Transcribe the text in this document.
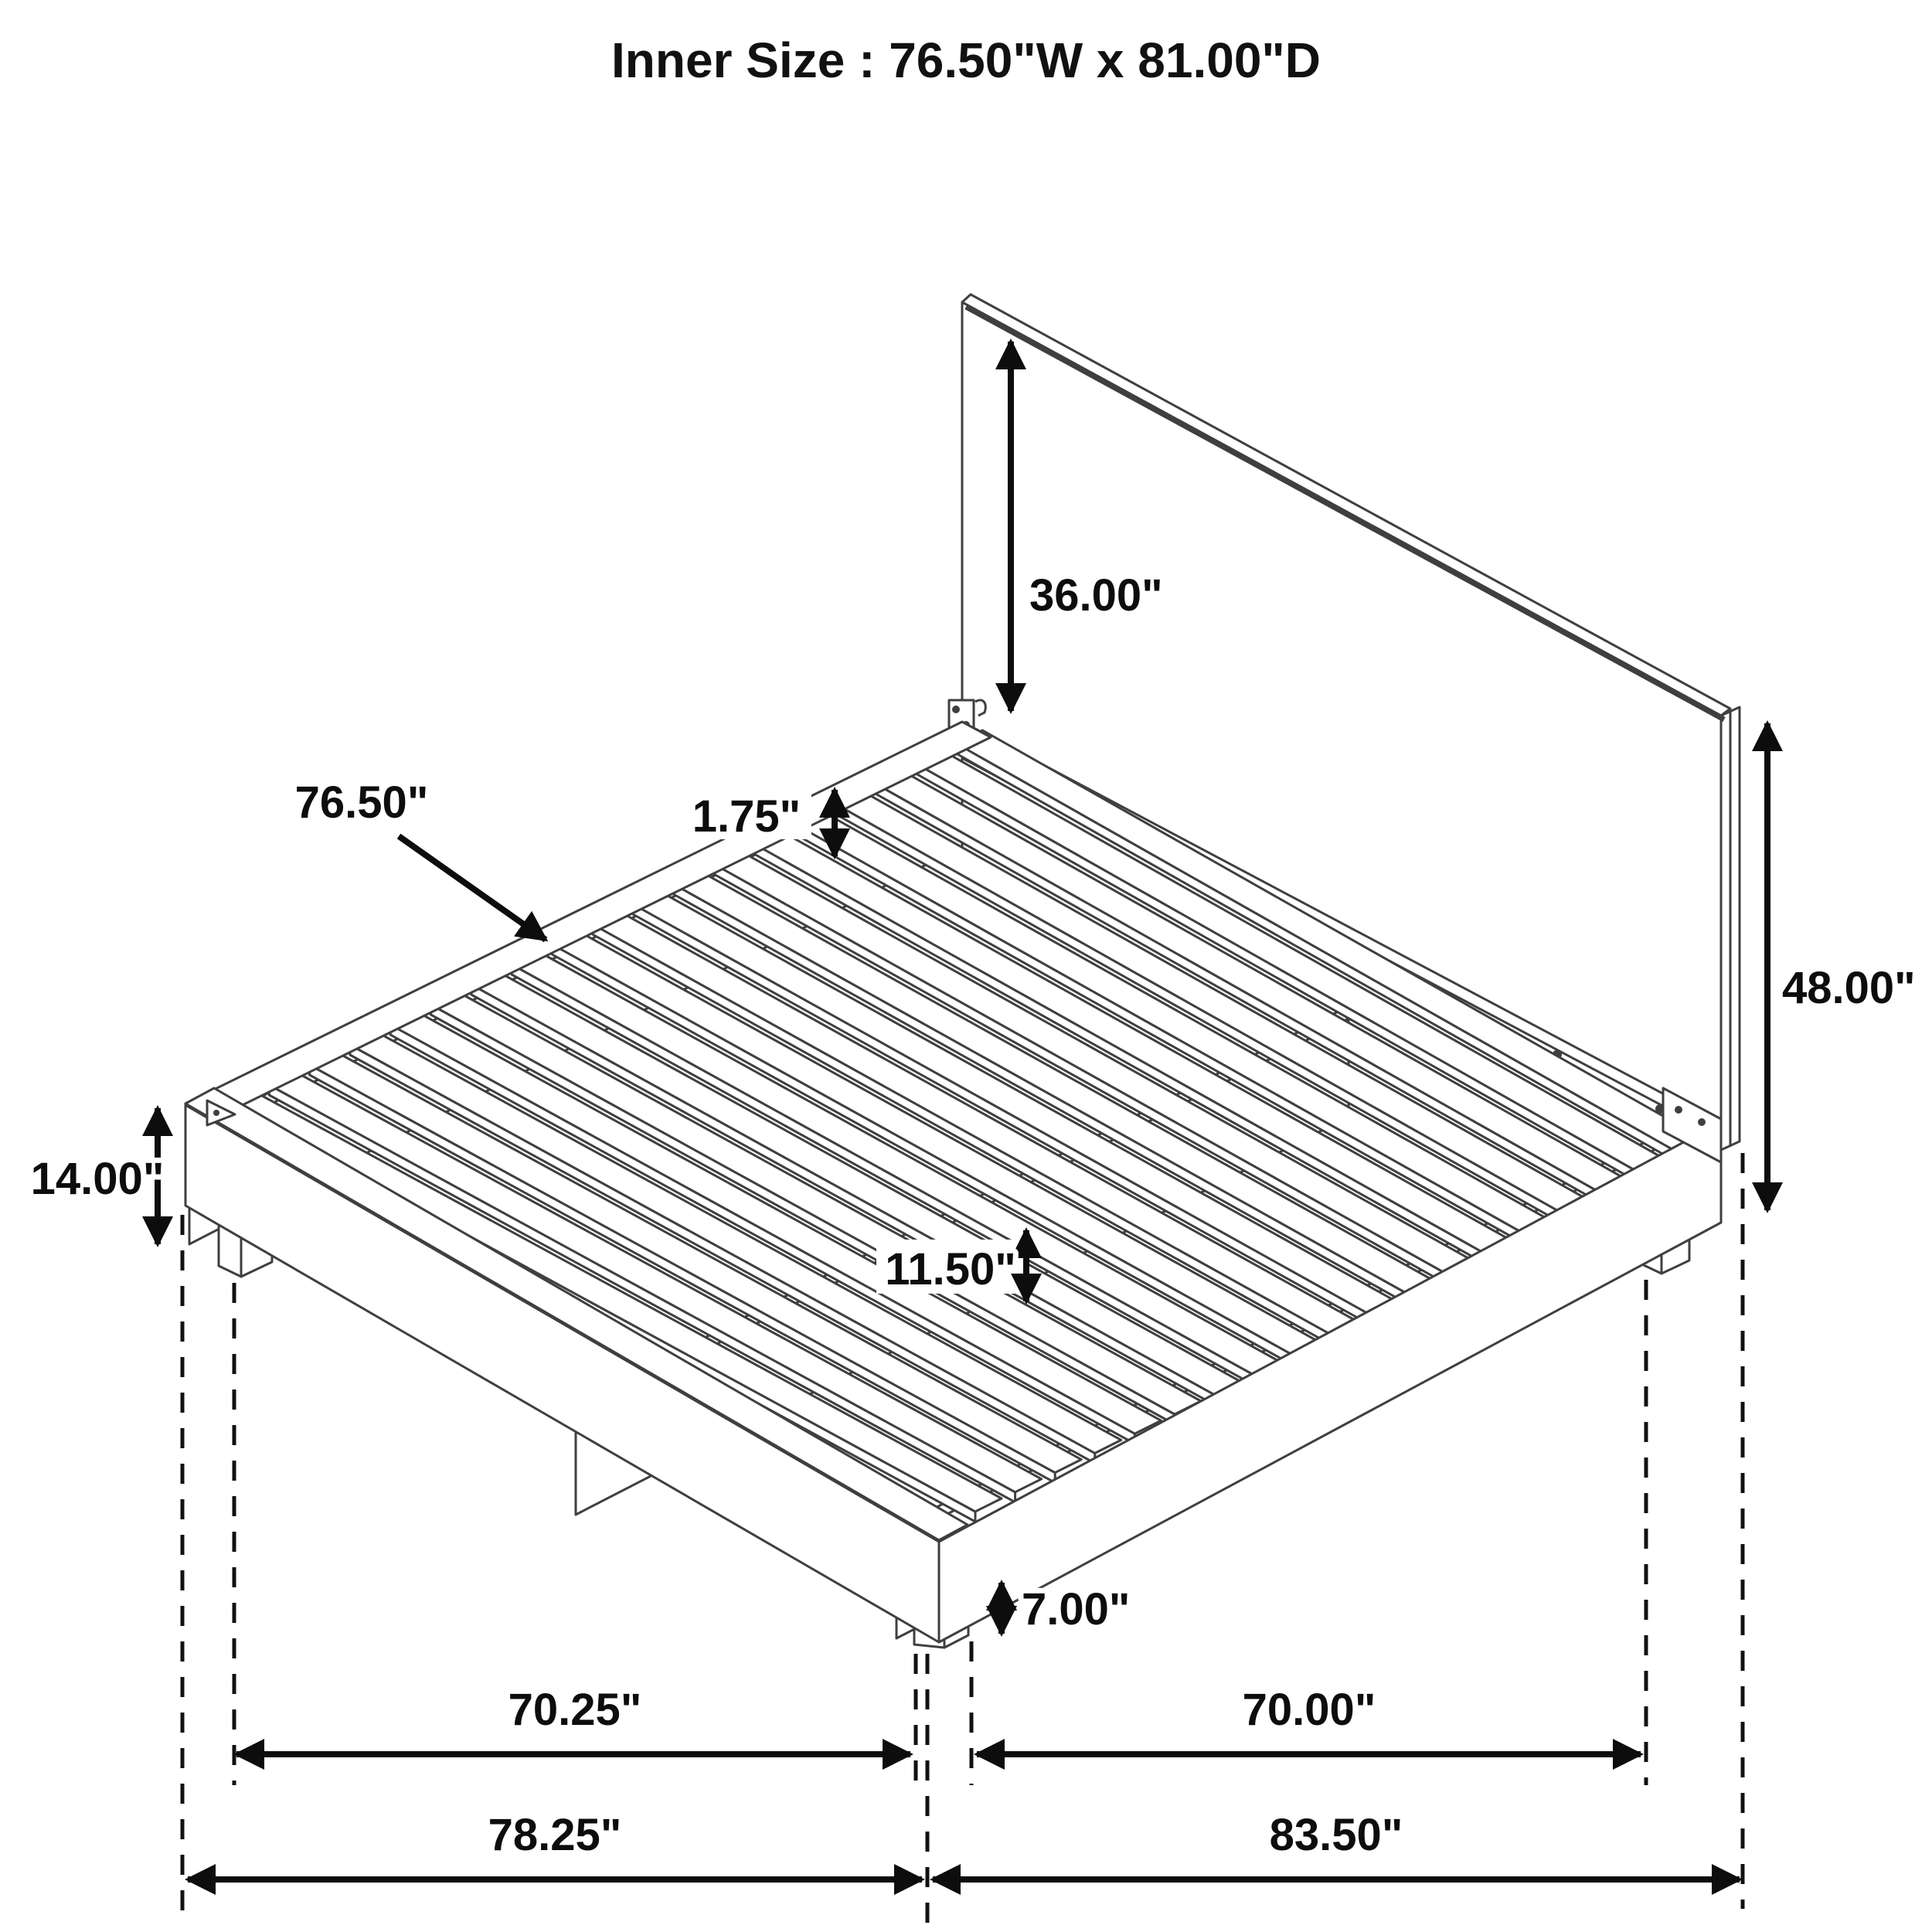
Inner Size : 76.50"W x 81.00"D
36.00"
48.00"
76.50"	1.75"
14.00"
11.50"
7.00"
70.25"	70.00"
78.25"	83.50"
